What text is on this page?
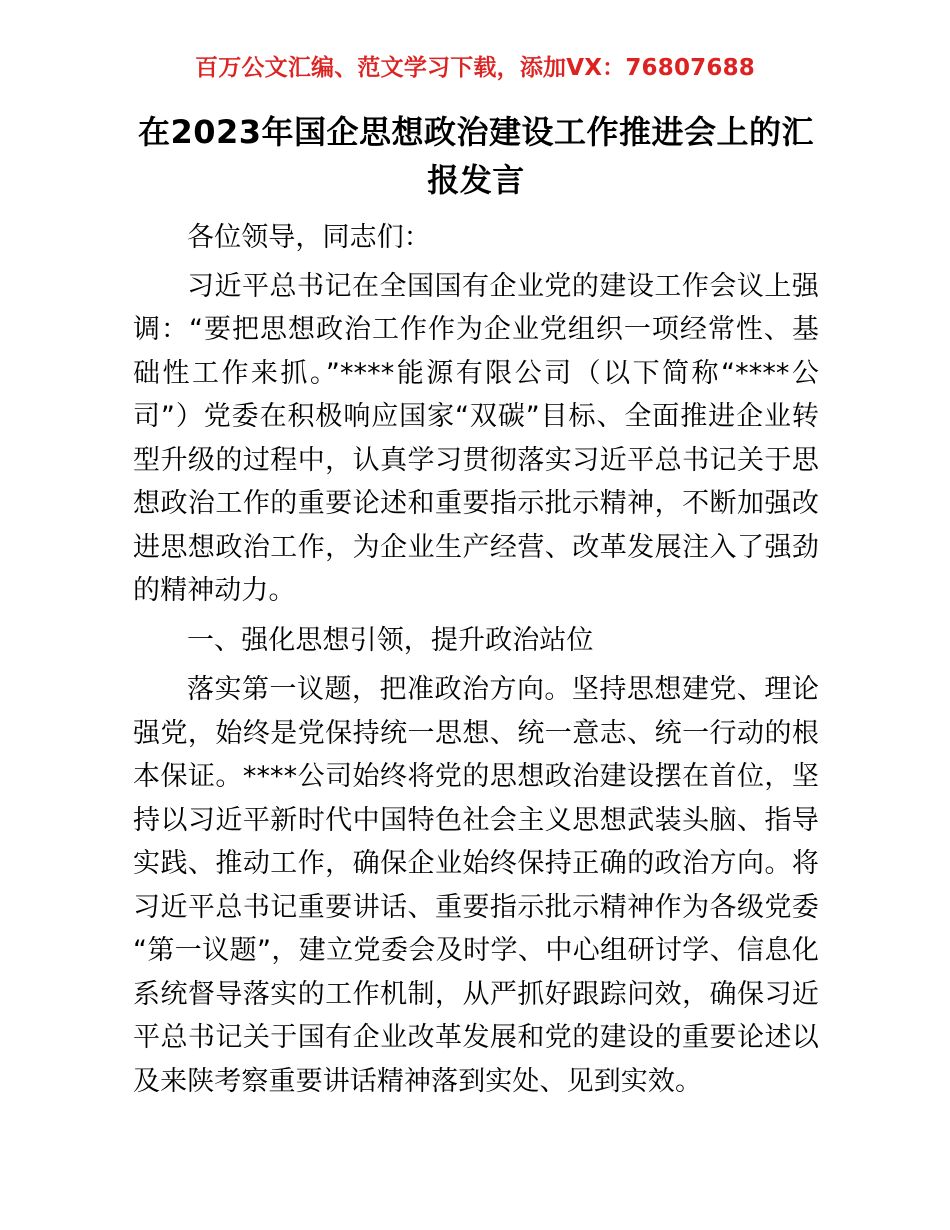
百万公文汇编、范文学习下载，添加VX：76807688
在2023年国企思想政治建设工作推进会上的汇报发言

各位领导，同志们：

习近平总书记在全国国有企业党的建设工作会议上强调：“要把思想政治工作作为企业党组织一项经常性、基础性工作来抓。”****能源有限公司（以下简称“****公司”）党委在积极响应国家“双碳”目标、全面推进企业转型升级的过程中，认真学习贯彻落实习近平总书记关于思想政治工作的重要论述和重要指示批示精神，不断加强改进思想政治工作，为企业生产经营、改革发展注入了强劲的精神动力。

一、强化思想引领，提升政治站位

落实第一议题，把准政治方向。坚持思想建党、理论强党，始终是党保持统一思想、统一意志、统一行动的根本保证。****公司始终将党的思想政治建设摆在首位，坚持以习近平新时代中国特色社会主义思想武装头脑、指导实践、推动工作，确保企业始终保持正确的政治方向。将习近平总书记重要讲话、重要指示批示精神作为各级党委“第一议题”，建立党委会及时学、中心组研讨学、信息化系统督导落实的工作机制，从严抓好跟踪问效，确保习近平总书记关于国有企业改革发展和党的建设的重要论述以及来陕考察重要讲话精神落到实处、见到实效。
